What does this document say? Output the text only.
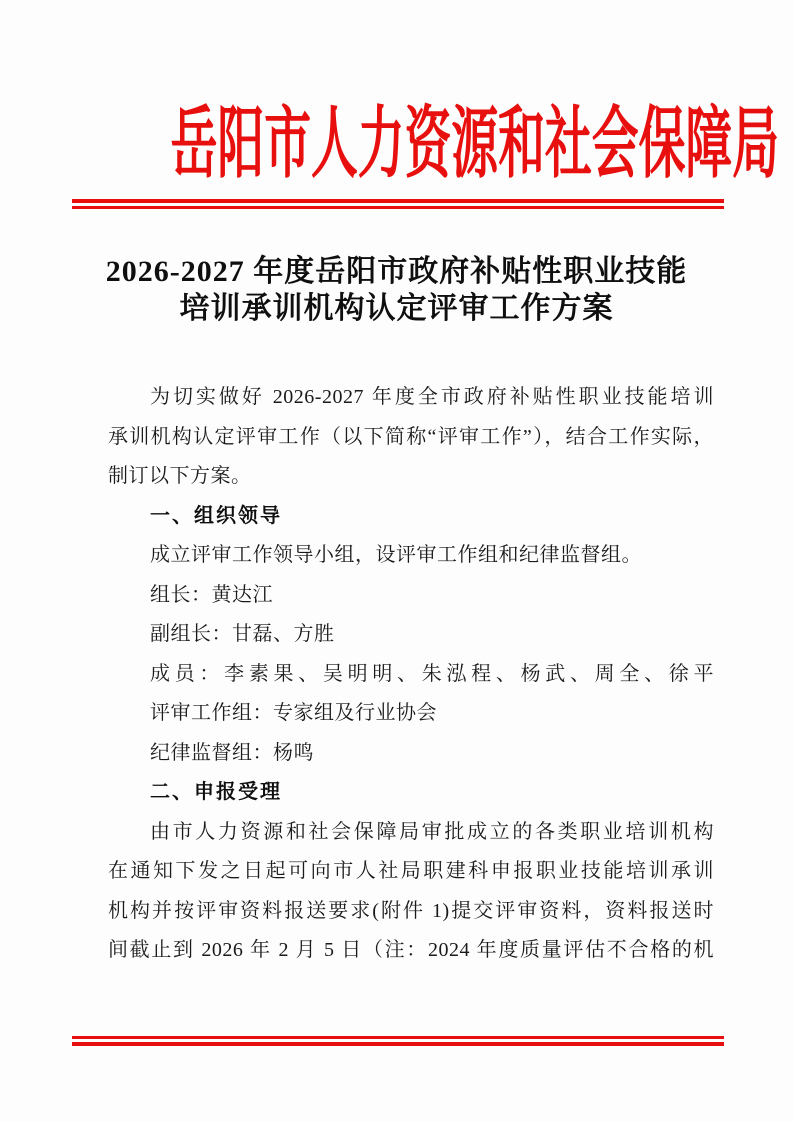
岳阳市人力资源和社会保障局
2026-2027 年度岳阳市政府补贴性职业技能
培训承训机构认定评审工作方案
为切实做好 2026-2027 年度全市政府补贴性职业技能培训
承训机构认定评审工作（以下简称“评审工作”），结合工作实际，
制订以下方案。
一、组织领导
成立评审工作领导小组，设评审工作组和纪律监督组。
组长：黄达江
副组长：甘磊、方胜
成员：李素果、吴明明、朱泓程、杨武、周全、徐平
评审工作组：专家组及行业协会
纪律监督组：杨鸣
二、申报受理
由市人力资源和社会保障局审批成立的各类职业培训机构
在通知下发之日起可向市人社局职建科申报职业技能培训承训
机构并按评审资料报送要求(附件 1)提交评审资料，资料报送时
间截止到 2026 年 2 月 5 日（注：2024 年度质量评估不合格的机
